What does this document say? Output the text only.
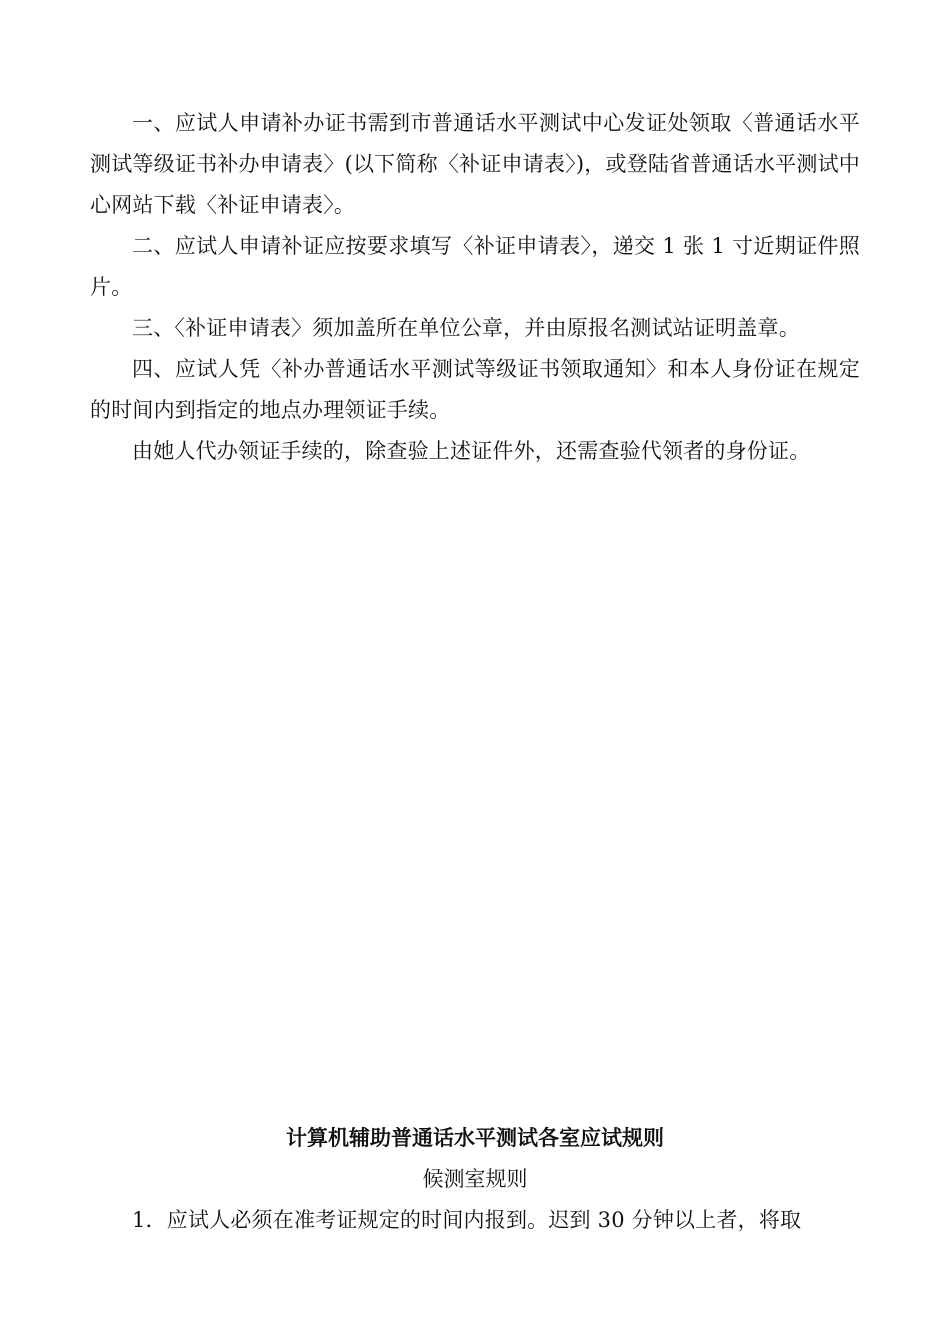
一、应试人申请补办证书需到市普通话水平测试中心发证处领取〈普通话水平测试等级证书补办申请表〉(以下简称〈补证申请表〉)，或登陆省普通话水平测试中心网站下载〈补证申请表〉。

二、应试人申请补证应按要求填写〈补证申请表〉，递交 1 张 1 寸近期证件照片。

三、〈补证申请表〉须加盖所在单位公章，并由原报名测试站证明盖章。

四、应试人凭〈补办普通话水平测试等级证书领取通知〉和本人身份证在规定的时间内到指定的地点办理领证手续。

由她人代办领证手续的，除查验上述证件外，还需查验代领者的身份证。

计算机辅助普通话水平测试各室应试规则

候测室规则

1．应试人必须在准考证规定的时间内报到。迟到 30 分钟以上者，将取
